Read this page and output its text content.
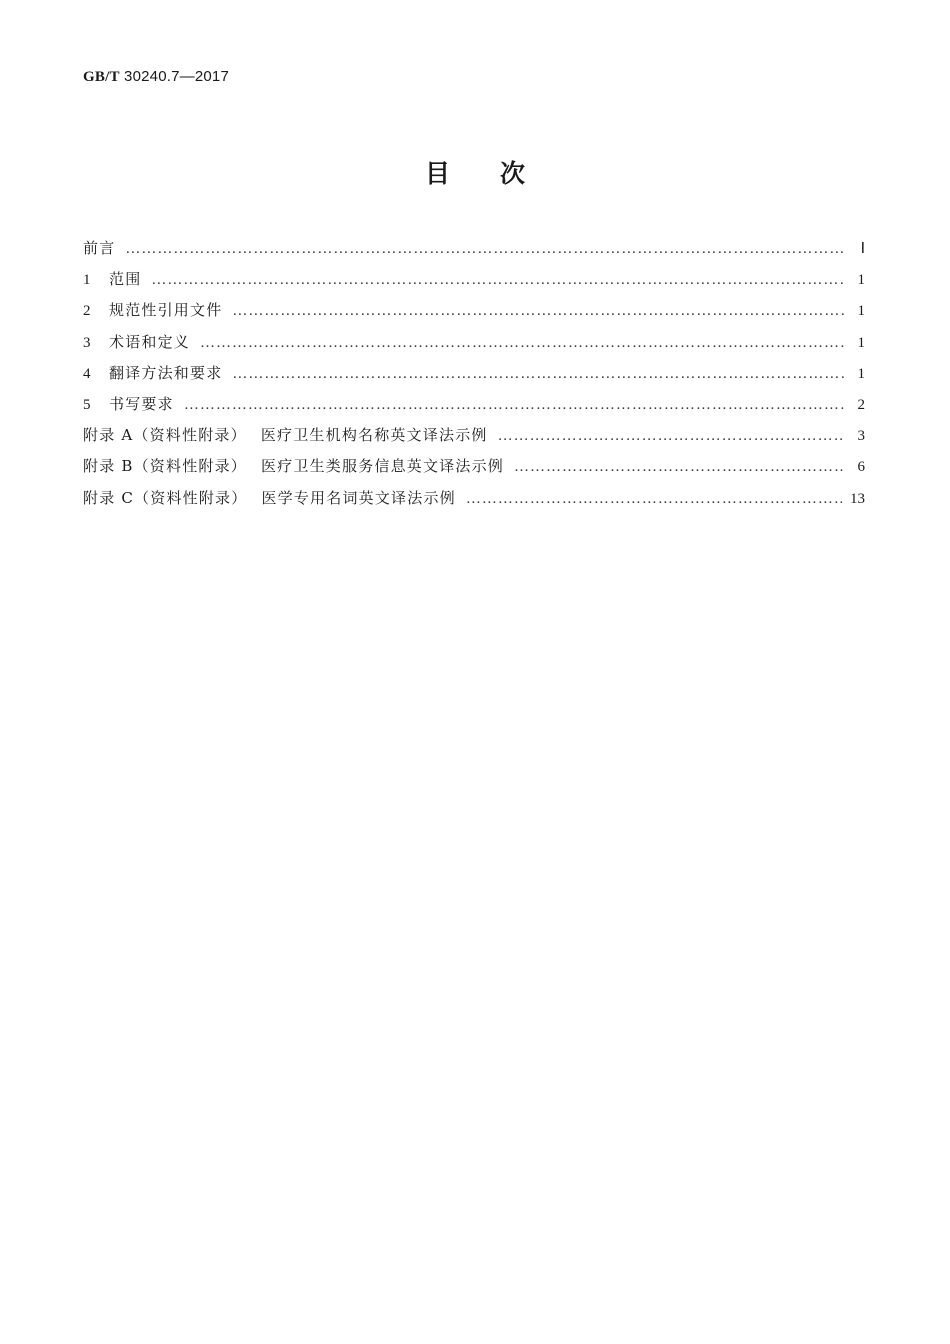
GB/T 30240.7—2017
目次
前言 ……………………………………………………………………………………………………………………………………………………………………………………………………………………………………	Ⅰ
1	范围 ……………………………………………………………………………………………………………………………………………………………………………………………………………………………………	1
2	规范性引用文件 ……………………………………………………………………………………………………………………………………………………………………………………………………………………………………	1
3	术语和定义 ……………………………………………………………………………………………………………………………………………………………………………………………………………………………………	1
4	翻译方法和要求 ……………………………………………………………………………………………………………………………………………………………………………………………………………………………………	1
5	书写要求 ……………………………………………………………………………………………………………………………………………………………………………………………………………………………………	2
附录 A（资料性附录） 医疗卫生机构名称英文译法示例 ……………………………………………………………………………………………………………………………………………………………………………………………………………………………………	3
附录 B（资料性附录） 医疗卫生类服务信息英文译法示例 ……………………………………………………………………………………………………………………………………………………………………………………………………………………………………	6
附录 C（资料性附录） 医学专用名词英文译法示例 ……………………………………………………………………………………………………………………………………………………………………………………………………………………………………	13
